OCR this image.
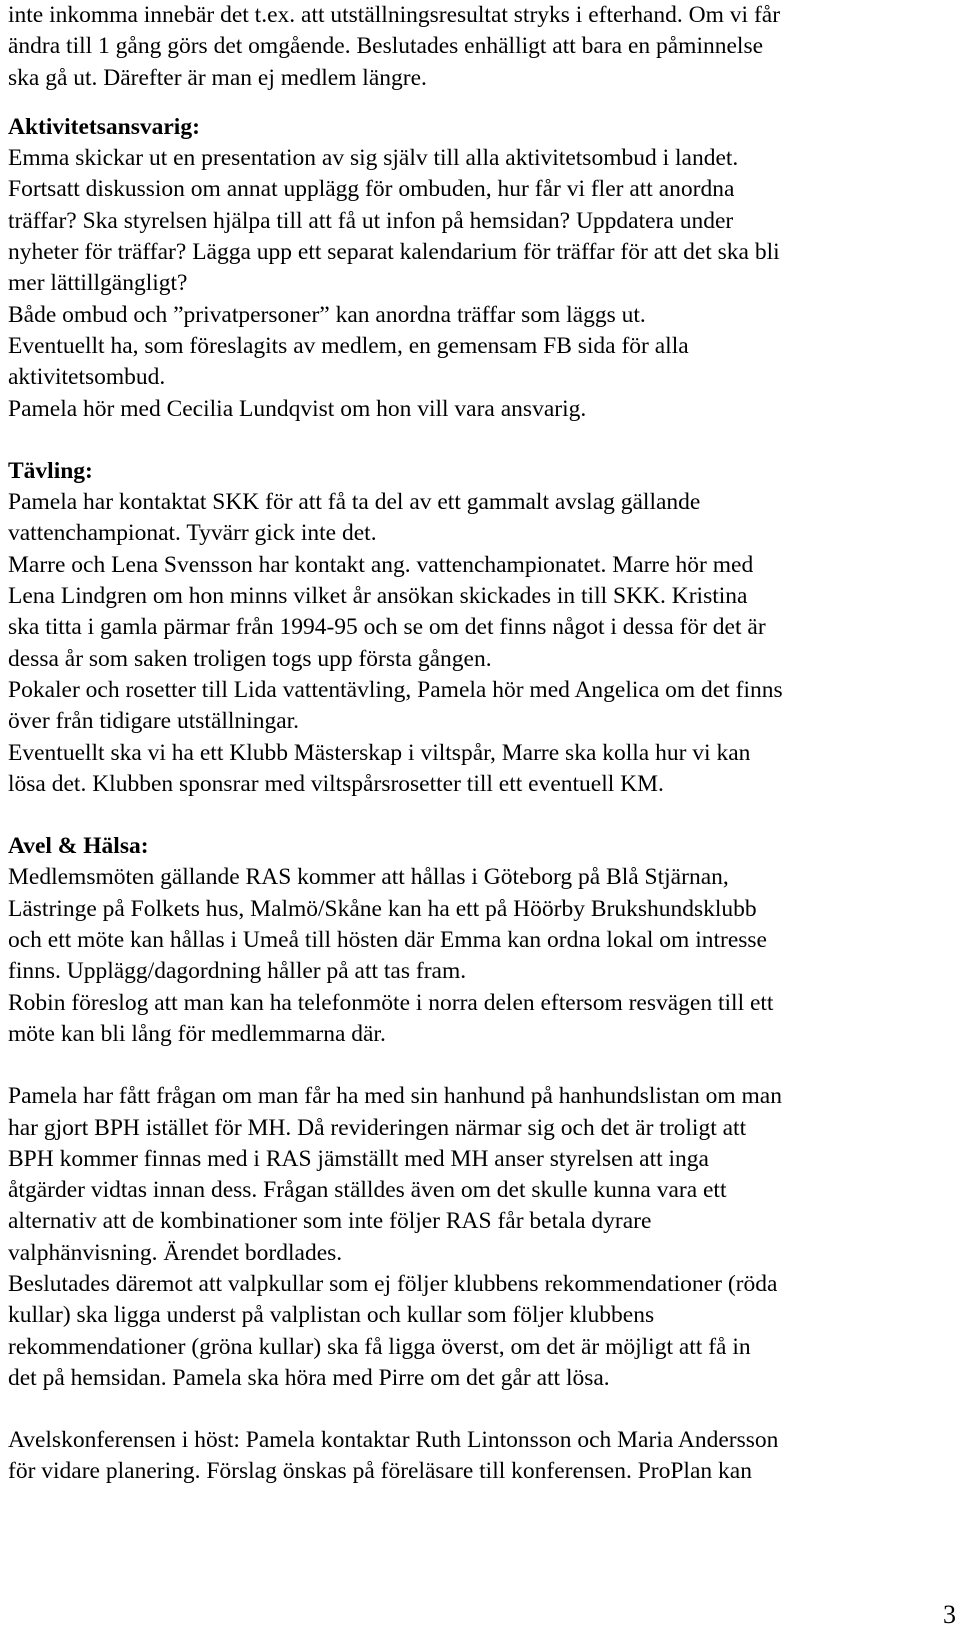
inte inkomma innebär det t.ex. att utställningsresultat stryks i efterhand. Om vi får
ändra till 1 gång görs det omgående. Beslutades enhälligt att bara en påminnelse
ska gå ut. Därefter är man ej medlem längre.
Aktivitetsansvarig:
Emma skickar ut en presentation av sig själv till alla aktivitetsombud i landet.
Fortsatt diskussion om annat upplägg för ombuden, hur får vi fler att anordna
träffar? Ska styrelsen hjälpa till att få ut infon på hemsidan? Uppdatera under
nyheter för träffar? Lägga upp ett separat kalendarium för träffar för att det ska bli
mer lättillgängligt?
Både ombud och ”privatpersoner” kan anordna träffar som läggs ut.
Eventuellt ha, som föreslagits av medlem, en gemensam FB sida för alla
aktivitetsombud.
Pamela hör med Cecilia Lundqvist om hon vill vara ansvarig.
Tävling:
Pamela har kontaktat SKK för att få ta del av ett gammalt avslag gällande
vattenchampionat. Tyvärr gick inte det.
Marre och Lena Svensson har kontakt ang. vattenchampionatet. Marre hör med
Lena Lindgren om hon minns vilket år ansökan skickades in till SKK. Kristina
ska titta i gamla pärmar från 1994-95 och se om det finns något i dessa för det är
dessa år som saken troligen togs upp första gången.
Pokaler och rosetter till Lida vattentävling, Pamela hör med Angelica om det finns
över från tidigare utställningar.
Eventuellt ska vi ha ett Klubb Mästerskap i viltspår, Marre ska kolla hur vi kan
lösa det. Klubben sponsrar med viltspårsrosetter till ett eventuell KM.
Avel & Hälsa:
Medlemsmöten gällande RAS kommer att hållas i Göteborg på Blå Stjärnan,
Lästringe på Folkets hus, Malmö/Skåne kan ha ett på Höörby Brukshundsklubb
och ett möte kan hållas i Umeå till hösten där Emma kan ordna lokal om intresse
finns. Upplägg/dagordning håller på att tas fram.
Robin föreslog att man kan ha telefonmöte i norra delen eftersom resvägen till ett
möte kan bli lång för medlemmarna där.
Pamela har fått frågan om man får ha med sin hanhund på hanhundslistan om man
har gjort BPH istället för MH. Då revideringen närmar sig och det är troligt att
BPH kommer finnas med i RAS jämställt med MH anser styrelsen att inga
åtgärder vidtas innan dess. Frågan ställdes även om det skulle kunna vara ett
alternativ att de kombinationer som inte följer RAS får betala dyrare
valphänvisning. Ärendet bordlades.
Beslutades däremot att valpkullar som ej följer klubbens rekommendationer (röda
kullar) ska ligga underst på valplistan och kullar som följer klubbens
rekommendationer (gröna kullar) ska få ligga överst, om det är möjligt att få in
det på hemsidan. Pamela ska höra med Pirre om det går att lösa.
Avelskonferensen i höst: Pamela kontaktar Ruth Lintonsson och Maria Andersson
för vidare planering. Förslag önskas på föreläsare till konferensen. ProPlan kan
3
